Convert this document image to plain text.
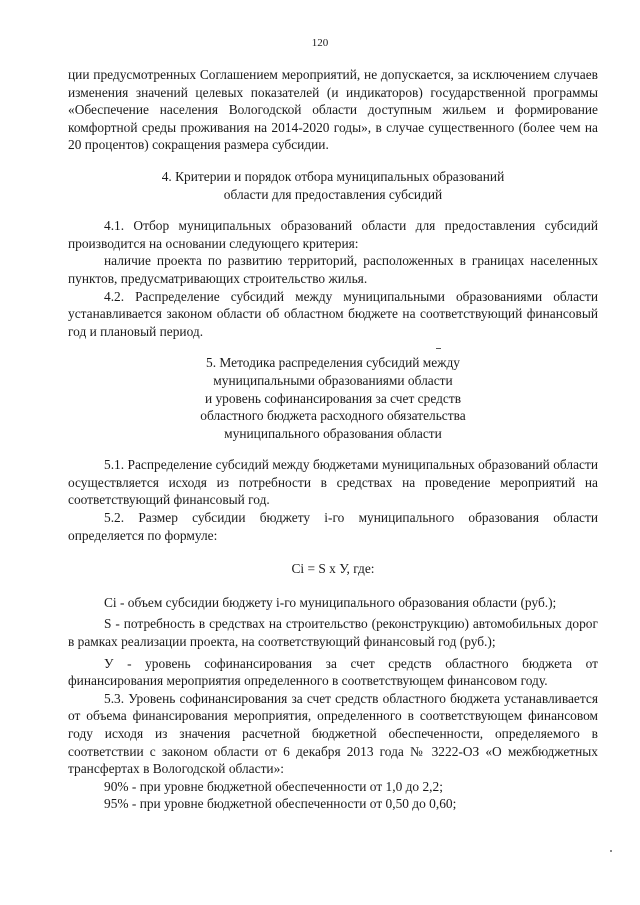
120

ции предусмотренных Соглашением мероприятий, не допускается, за исключением случаев изменения значений целевых показателей (и индикаторов) государственной программы «Обеспечение населения Вологодской области доступным жильем и формирование комфортной среды проживания на 2014-2020 годы», в случае существенного (более чем на 20 процентов) сокращения размера субсидии.

4. Критерии и порядок отбора муниципальных образований
области для предоставления субсидий

4.1. Отбор муниципальных образований области для предоставления субсидий производится на основании следующего критерия:

наличие проекта по развитию территорий, расположенных в границах населенных пунктов, предусматривающих строительство жилья.

4.2. Распределение субсидий между муниципальными образованиями области устанавливается законом области об областном бюджете на соответствующий финансовый год и плановый период.

5. Методика распределения субсидий между
муниципальными образованиями области
и уровень софинансирования за счет средств
областного бюджета расходного обязательства
муниципального образования области

5.1. Распределение субсидий между бюджетами муниципальных образований области осуществляется исходя из потребности в средствах на проведение мероприятий на соответствующий финансовый год.

5.2. Размер субсидии бюджету i-го муниципального образования области определяется по формуле:

Ci = S x У, где:

Ci - объем субсидии бюджету i-го муниципального образования области (руб.);

S - потребность в средствах на строительство (реконструкцию) автомобильных дорог в рамках реализации проекта, на соответствующий финансовый год (руб.);

У - уровень софинансирования за счет средств областного бюджета от финансирования мероприятия определенного в соответствующем финансовом году.

5.3. Уровень софинансирования за счет средств областного бюджета устанавливается от объема финансирования мероприятия, определенного в соответствующем финансовом году исходя из значения расчетной бюджетной обеспеченности, определяемого в соответствии с законом области от 6 декабря 2013 года № 3222-ОЗ «О межбюджетных трансфертах в Вологодской области»:

90% - при уровне бюджетной обеспеченности от 1,0 до 2,2;

95% - при уровне бюджетной обеспеченности от 0,50 до 0,60;
